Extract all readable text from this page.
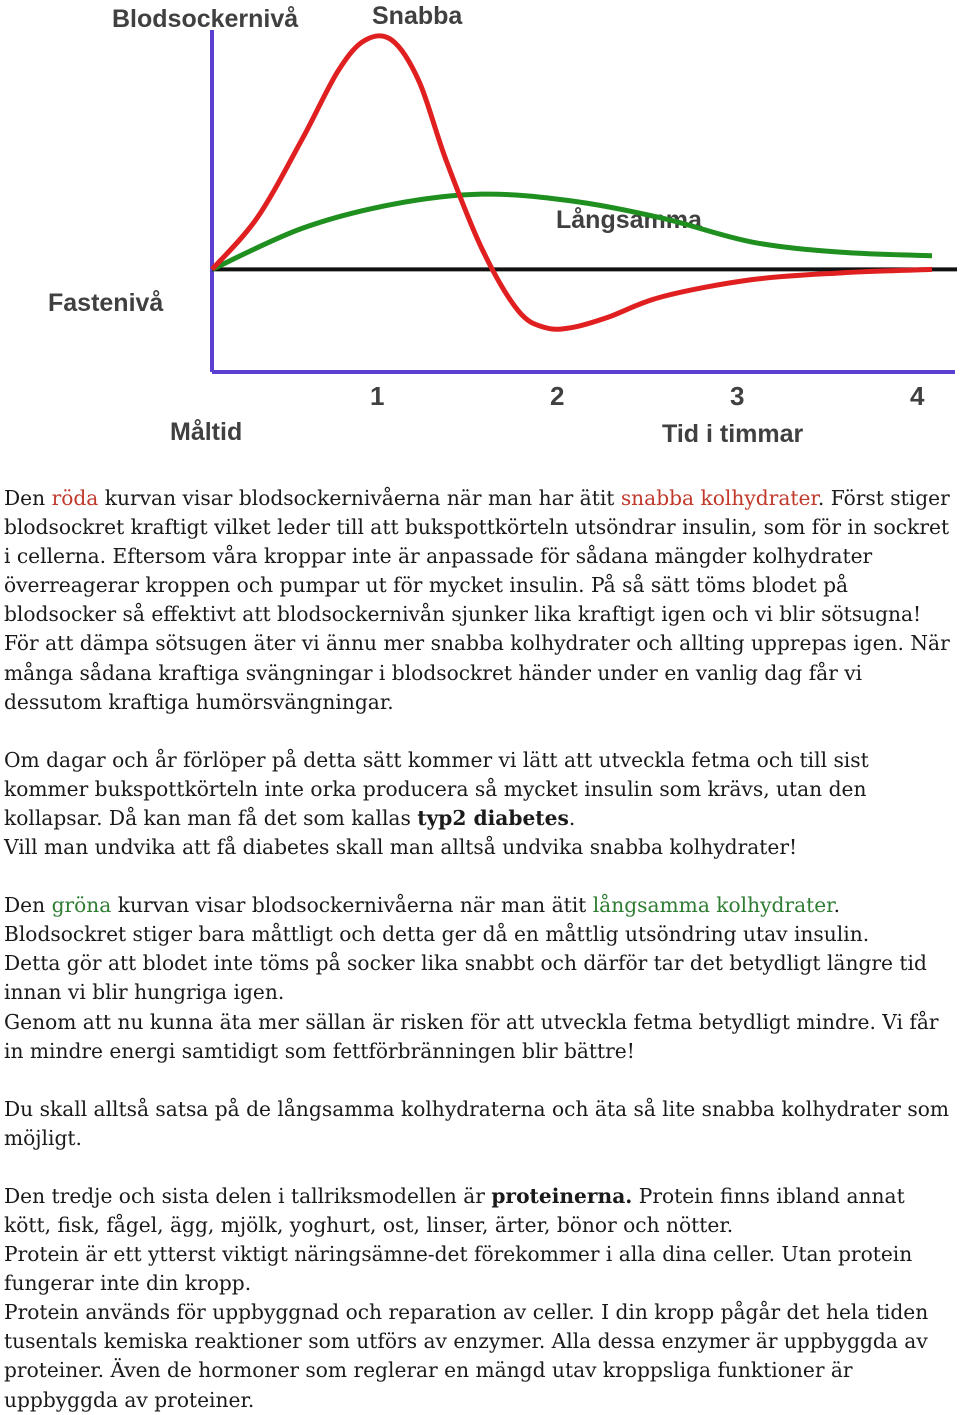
Blodsockernivå	Snabba
Långsamma
Fastenivå
Måltid	Tid i timmar
1	2	3	4

Den röda kurvan visar blodsockernivåerna när man har ätit snabba kolhydrater. Först stiger blodsockret kraftigt vilket leder till att bukspottkörteln utsöndrar insulin, som för in sockret i cellerna. Eftersom våra kroppar inte är anpassade för sådana mängder kolhydrater överreagerar kroppen och pumpar ut för mycket insulin. På så sätt töms blodet på blodsocker så effektivt att blodsockernivån sjunker lika kraftigt igen och vi blir sötsugna! För att dämpa sötsugen äter vi ännu mer snabba kolhydrater och allting upprepas igen. När många sådana kraftiga svängningar i blodsockret händer under en vanlig dag får vi dessutom kraftiga humörsvängningar.

Om dagar och år förlöper på detta sätt kommer vi lätt att utveckla fetma och till sist kommer bukspottkörteln inte orka producera så mycket insulin som krävs, utan den kollapsar. Då kan man få det som kallas typ2 diabetes.

Vill man undvika att få diabetes skall man alltså undvika snabba kolhydrater!

Den gröna kurvan visar blodsockernivåerna när man ätit långsamma kolhydrater.

Blodsockret stiger bara måttligt och detta ger då en måttlig utsöndring utav insulin.

Detta gör att blodet inte töms på socker lika snabbt och därför tar det betydligt längre tid innan vi blir hungriga igen.

Genom att nu kunna äta mer sällan är risken för att utveckla fetma betydligt mindre. Vi får in mindre energi samtidigt som fettförbränningen blir bättre!

Du skall alltså satsa på de långsamma kolhydraterna och äta så lite snabba kolhydrater som möjligt.

Den tredje och sista delen i tallriksmodellen är proteinerna. Protein finns ibland annat kött, fisk, fågel, ägg, mjölk, yoghurt, ost, linser, ärter, bönor och nötter.

Protein är ett ytterst viktigt näringsämne-det förekommer i alla dina celler. Utan protein fungerar inte din kropp.

Protein används för uppbyggnad och reparation av celler. I din kropp pågår det hela tiden tusentals kemiska reaktioner som utförs av enzymer. Alla dessa enzymer är uppbyggda av proteiner. Även de hormoner som reglerar en mängd utav kroppsliga funktioner är uppbyggda av proteiner.
